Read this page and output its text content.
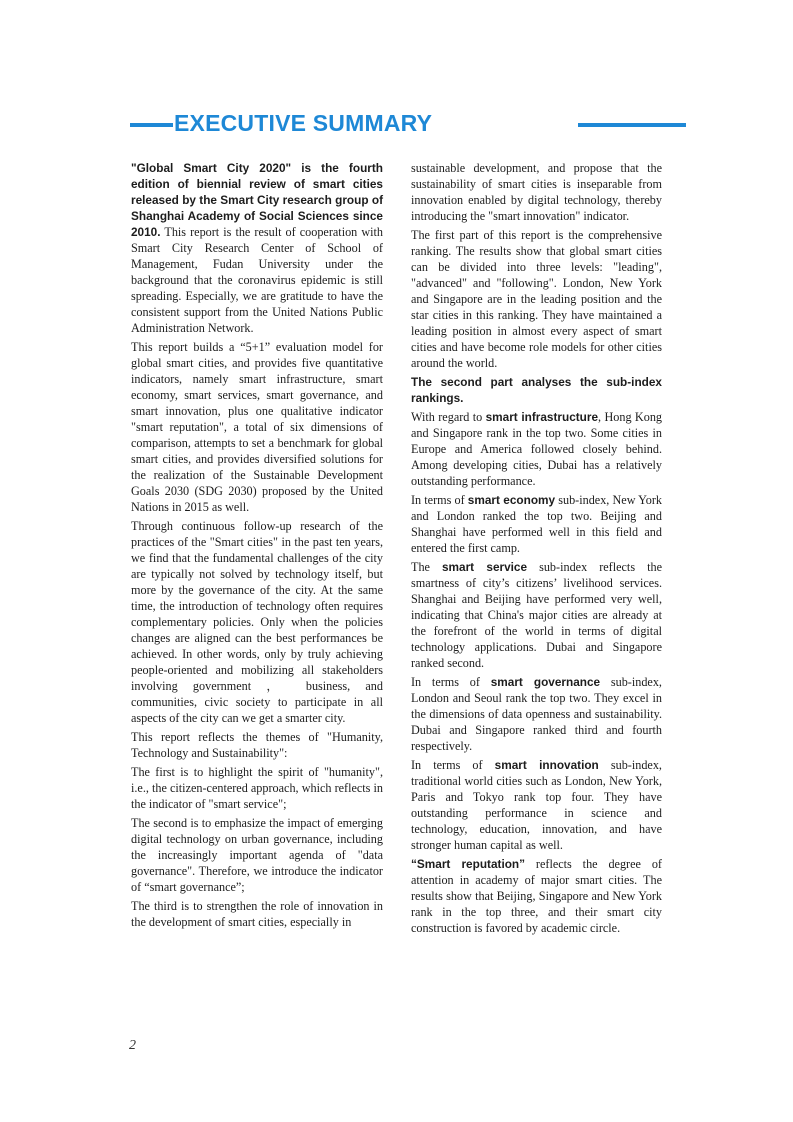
EXECUTIVE SUMMARY

"Global Smart City 2020" is the fourth edition of biennial review of smart cities released by the Smart City research group of Shanghai Academy of Social Sciences since 2010. This report is the result of cooperation with Smart City Research Center of School of Management, Fudan University under the background that the coronavirus epidemic is still spreading. Especially, we are gratitude to have the consistent support from the United Nations Public Administration Network.

This report builds a “5+1” evaluation model for global smart cities, and provides five quantitative indicators, namely smart infrastructure, smart economy, smart services, smart governance, and smart innovation, plus one qualitative indicator "smart reputation", a total of six dimensions of comparison, attempts to set a benchmark for global smart cities, and provides diversified solutions for the realization of the Sustainable Development Goals 2030 (SDG 2030) proposed by the United Nations in 2015 as well.

Through continuous follow-up research of the practices of the "Smart cities" in the past ten years, we find that the fundamental challenges of the city are typically not solved by technology itself, but more by the governance of the city. At the same time, the introduction of technology often requires complementary policies. Only when the policies changes are aligned can the best performances be achieved. In other words, only by truly achieving people-oriented and mobilizing all stakeholders involving government ， business, and communities, civic society to participate in all aspects of the city can we get a smarter city.

This report reflects the themes of "Humanity, Technology and Sustainability":

The first is to highlight the spirit of "humanity", i.e., the citizen-centered approach, which reflects in the indicator of "smart service";

The second is to emphasize the impact of emerging digital technology on urban governance, including the increasingly important agenda of "data governance". Therefore, we introduce the indicator of “smart governance”;

The third is to strengthen the role of innovation in the development of smart cities, especially in

sustainable development, and propose that the sustainability of smart cities is inseparable from innovation enabled by digital technology, thereby introducing the "smart innovation" indicator.

The first part of this report is the comprehensive ranking. The results show that global smart cities can be divided into three levels: "leading", "advanced" and "following". London, New York and Singapore are in the leading position and the star cities in this ranking. They have maintained a leading position in almost every aspect of smart cities and have become role models for other cities around the world.

The second part analyses the sub-index rankings.

With regard to smart infrastructure, Hong Kong and Singapore rank in the top two. Some cities in Europe and America followed closely behind. Among developing cities, Dubai has a relatively outstanding performance.

In terms of smart economy sub-index, New York and London ranked the top two. Beijing and Shanghai have performed well in this field and entered the first camp.

The smart service sub-index reflects the smartness of city’s citizens’ livelihood services. Shanghai and Beijing have performed very well, indicating that China's major cities are already at the forefront of the world in terms of digital technology applications. Dubai and Singapore ranked second.

In terms of smart governance sub-index, London and Seoul rank the top two. They excel in the dimensions of data openness and sustainability. Dubai and Singapore ranked third and fourth respectively.

In terms of smart innovation sub-index, traditional world cities such as London, New York, Paris and Tokyo rank top four. They have outstanding performance in science and technology, education, innovation, and have stronger human capital as well.

“Smart reputation” reflects the degree of attention in academy of major smart cities. The results show that Beijing, Singapore and New York rank in the top three, and their smart city construction is favored by academic circle.

2
